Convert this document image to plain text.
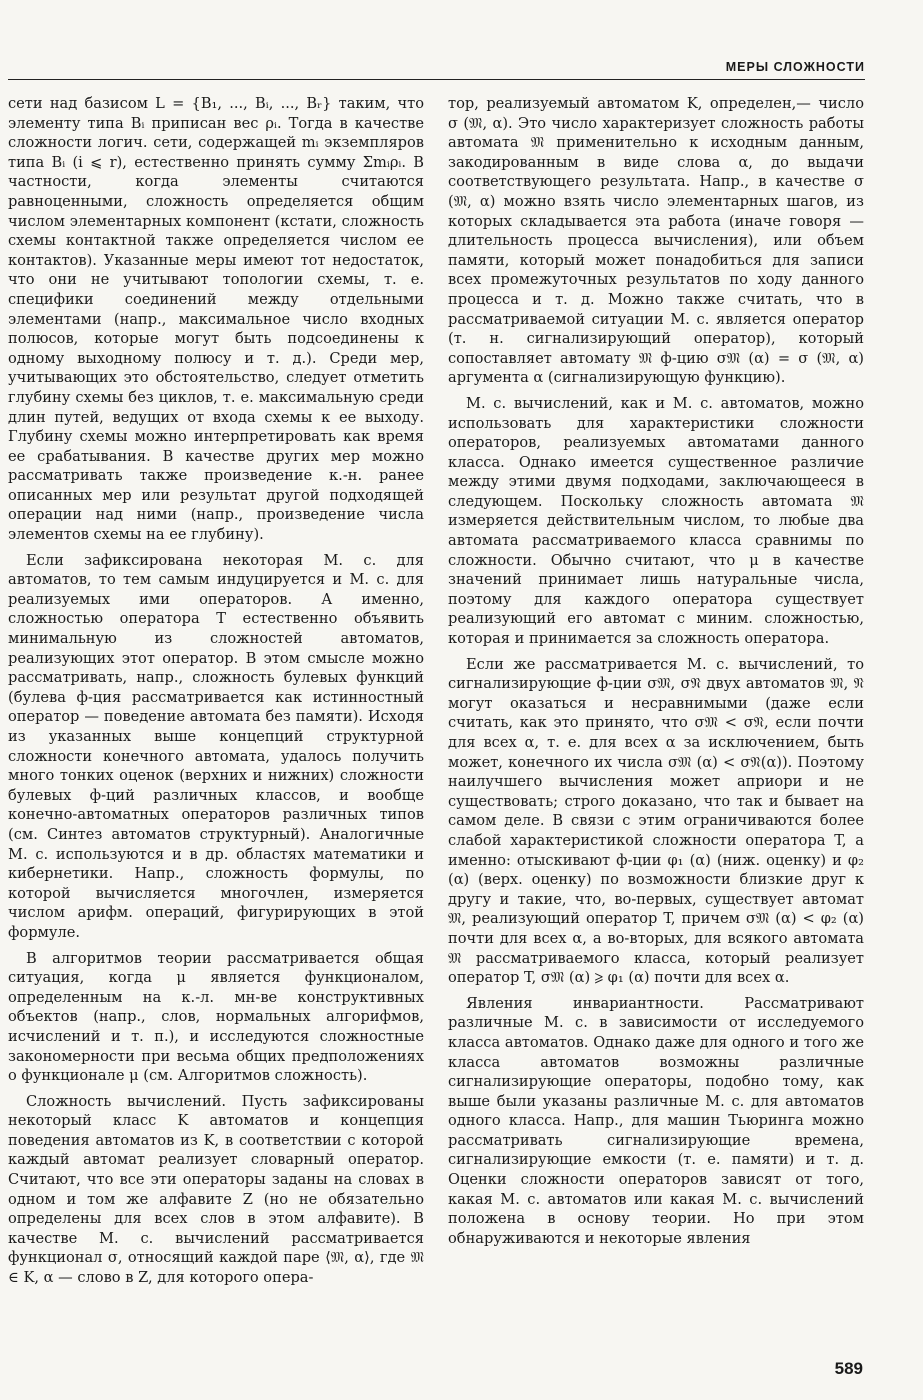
МЕРЫ СЛОЖНОСТИ

сети над базисом L = {B₁, ..., Bᵢ, ..., Bᵣ} таким, что элементу типа Bᵢ приписан вес ρᵢ. Тогда в качестве сложности логич. сети, содержащей mᵢ экземпляров типа Bᵢ (i ⩽ r), естественно принять сумму Σmᵢρᵢ. В частности, когда элементы считаются равноценными, сложность определяется общим числом элементарных компонент (кстати, сложность схемы контактной также определяется числом ее контактов). Указанные меры имеют тот недостаток, что они не учитывают топологии схемы, т. е. специфики соединений между отдельными элементами (напр., максимальное число входных полюсов, которые могут быть подсоединены к одному выходному полюсу и т. д.). Среди мер, учитывающих это обстоятельство, следует отметить глубину схемы без циклов, т. е. максимальную среди длин путей, ведущих от входа схемы к ее выходу. Глубину схемы можно интерпретировать как время ее срабатывания. В качестве других мер можно рассматривать также произведение к.-н. ранее описанных мер или результат другой подходящей операции над ними (напр., произведение числа элементов схемы на ее глубину).

Если зафиксирована некоторая М. с. для автоматов, то тем самым индуцируется и М. с. для реализуемых ими операторов. А именно, сложностью оператора T естественно объявить минимальную из сложностей автоматов, реализующих этот оператор. В этом смысле можно рассматривать, напр., сложность булевых функций (булева ф-ция рассматривается как истинностный оператор — поведение автомата без памяти). Исходя из указанных выше концепций структурной сложности конечного автомата, удалось получить много тонких оценок (верхних и нижних) сложности булевых ф-ций различных классов, и вообще конечно-автоматных операторов различных типов (см. Синтез автоматов структурный). Аналогичные М. с. используются и в др. областях математики и кибернетики. Напр., сложность формулы, по которой вычисляется многочлен, измеряется числом арифм. операций, фигурирующих в этой формуле.

В алгоритмов теории рассматривается общая ситуация, когда μ является функционалом, определенным на к.-л. мн-ве конструктивных объектов (напр., слов, нормальных алгорифмов, исчислений и т. п.), и исследуются сложностные закономерности при весьма общих предположениях о функционале μ (см. Алгоритмов сложность).

Сложность вычислений. Пусть зафиксированы некоторый класс K автоматов и концепция поведения автоматов из K, в соответствии с которой каждый автомат реализует словарный оператор. Считают, что все эти операторы заданы на словах в одном и том же алфавите Z (но не обязательно определены для всех слов в этом алфавите). В качестве М. с. вычислений рассматривается функционал σ, относящий каждой паре ⟨𝔐, α⟩, где 𝔐 ∈ K, α — слово в Z, для которого опера-

тор, реализуемый автоматом K, определен,— число σ (𝔐, α). Это число характеризует сложность работы автомата 𝔐 применительно к исходным данным, закодированным в виде слова α, до выдачи соответствующего результата. Напр., в качестве σ (𝔐, α) можно взять число элементарных шагов, из которых складывается эта работа (иначе говоря — длительность процесса вычисления), или объем памяти, который может понадобиться для записи всех промежуточных результатов по ходу данного процесса и т. д. Можно также считать, что в рассматриваемой ситуации М. с. является оператор (т. н. сигнализирующий оператор), который сопоставляет автомату 𝔐 ф-цию σ𝔐 (α) = σ (𝔐, α) аргумента α (сигнализирующую функцию).

М. с. вычислений, как и М. с. автоматов, можно использовать для характеристики сложности операторов, реализуемых автоматами данного класса. Однако имеется существенное различие между этими двумя подходами, заключающееся в следующем. Поскольку сложность автомата 𝔐 измеряется действительным числом, то любые два автомата рассматриваемого класса сравнимы по сложности. Обычно считают, что μ в качестве значений принимает лишь натуральные числа, поэтому для каждого оператора существует реализующий его автомат с миним. сложностью, которая и принимается за сложность оператора.

Если же рассматривается М. с. вычислений, то сигнализирующие ф-ции σ𝔐, σ𝔑 двух автоматов 𝔐, 𝔑 могут оказаться и несравнимыми (даже если считать, как это принято, что σ𝔐 < σ𝔑, если почти для всех α, т. е. для всех α за исключением, быть может, конечного их числа σ𝔐 (α) < σ𝔑(α)). Поэтому наилучшего вычисления может априори и не существовать; строго доказано, что так и бывает на самом деле. В связи с этим ограничиваются более слабой характеристикой сложности оператора T, а именно: отыскивают ф-ции φ₁ (α) (ниж. оценку) и φ₂ (α) (верх. оценку) по возможности близкие друг к другу и такие, что, во-первых, существует автомат 𝔐, реализующий оператор T, причем σ𝔐 (α) < φ₂ (α) почти для всех α, а во-вторых, для всякого автомата 𝔐 рассматриваемого класса, который реализует оператор T, σ𝔐 (α) ⩾ φ₁ (α) почти для всех α.

Явления инвариантности. Рассматривают различные М. с. в зависимости от исследуемого класса автоматов. Однако даже для одного и того же класса автоматов возможны различные сигнализирующие операторы, подобно тому, как выше были указаны различные М. с. для автоматов одного класса. Напр., для машин Тьюринга можно рассматривать сигнализирующие времена, сигнализирующие емкости (т. е. памяти) и т. д. Оценки сложности операторов зависят от того, какая М. с. автоматов или какая М. с. вычислений положена в основу теории. Но при этом обнаруживаются и некоторые явления

589
